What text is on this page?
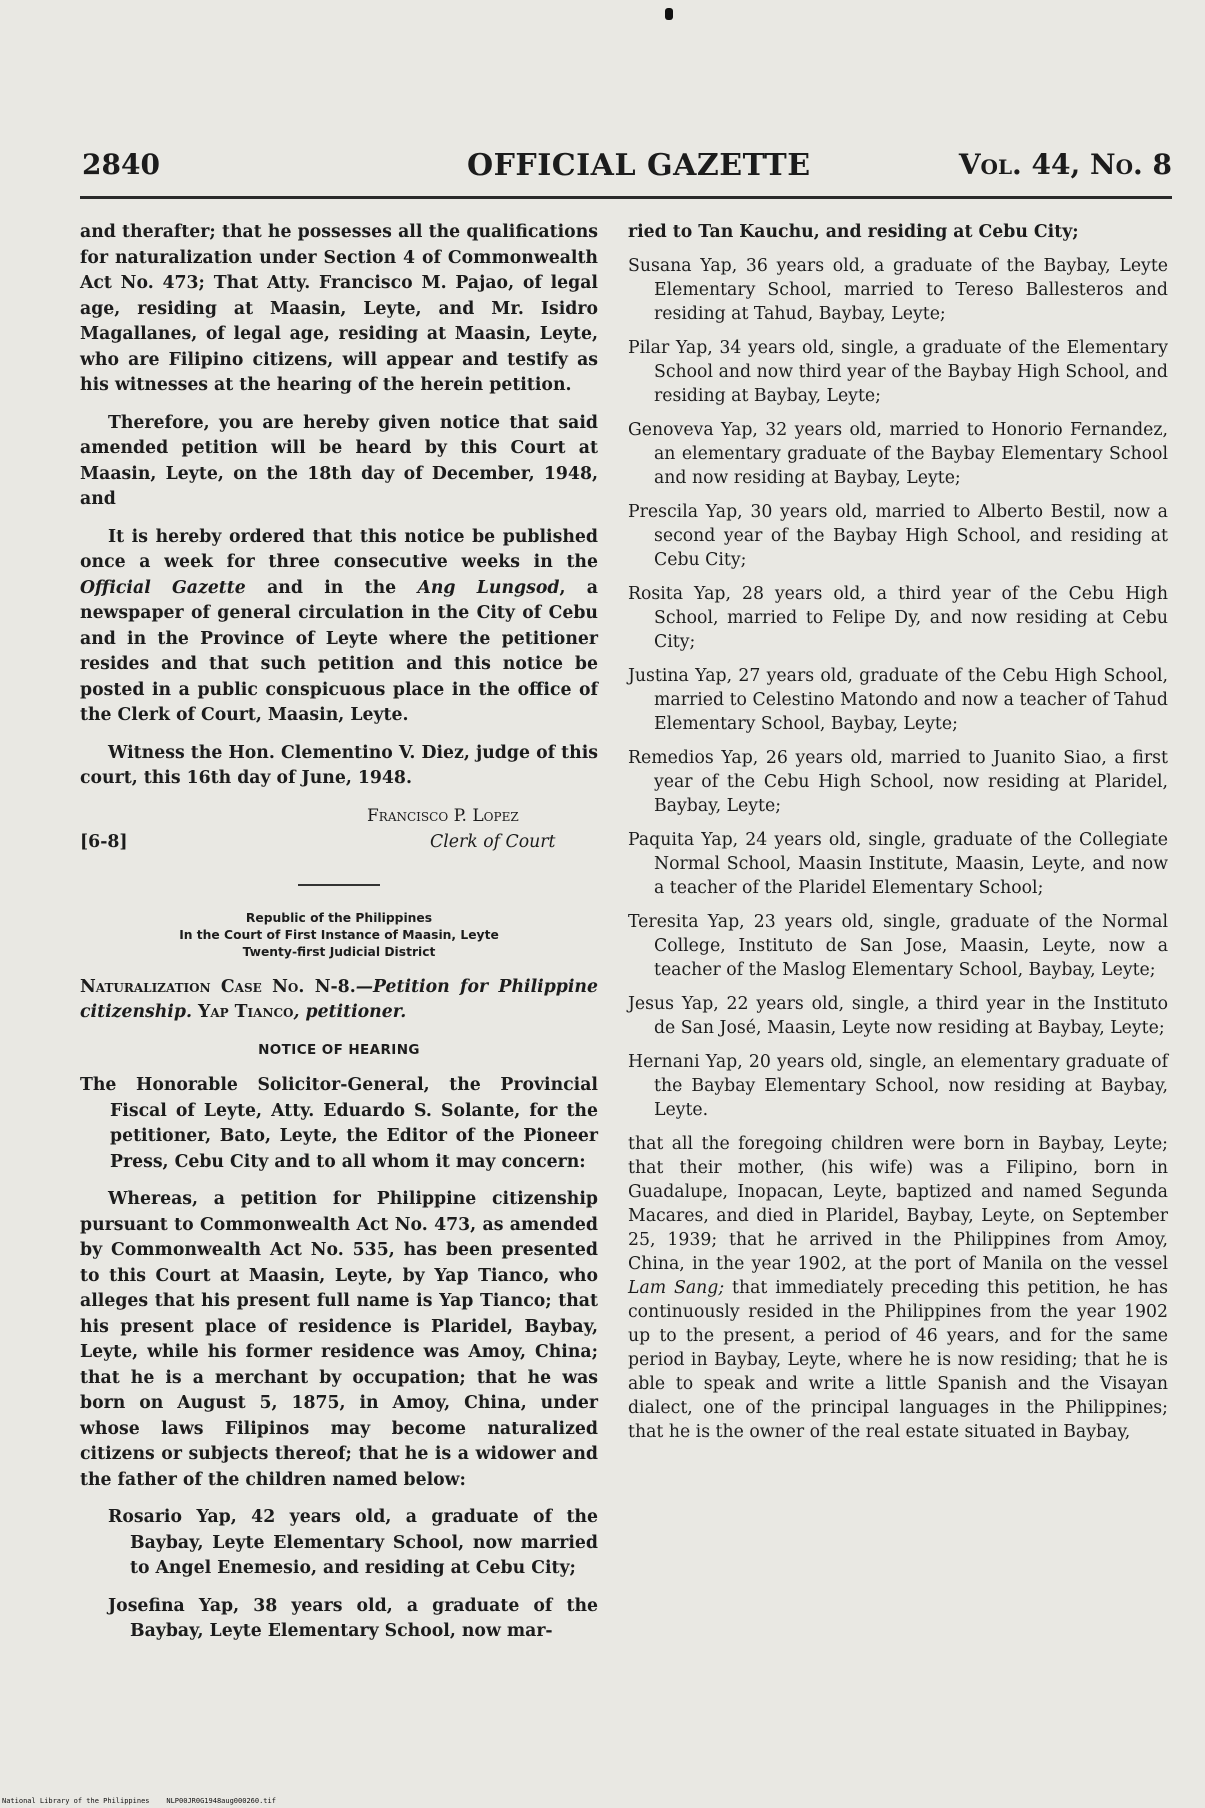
2840	OFFICIAL GAZETTE	Vol. 44, No. 8

and therafter; that he possesses all the qualifications for naturalization under Section 4 of Commonwealth Act No. 473; That Atty. Francisco M. Pajao, of legal age, residing at Maasin, Leyte, and Mr. Isidro Magallanes, of legal age, residing at Maasin, Leyte, who are Filipino citizens, will appear and testify as his witnesses at the hearing of the herein petition.

Therefore, you are hereby given notice that said amended petition will be heard by this Court at Maasin, Leyte, on the 18th day of December, 1948, and

It is hereby ordered that this notice be published once a week for three consecutive weeks in the Official Gazette and in the Ang Lungsod, a newspaper of general circulation in the City of Cebu and in the Province of Leyte where the petitioner resides and that such petition and this notice be posted in a public conspicuous place in the office of the Clerk of Court, Maasin, Leyte.

Witness the Hon. Clementino V. Diez, judge of this court, this 16th day of June, 1948.

Francisco P. Lopez
[6-8]	Clerk of Court
Republic of the Philippines
In the Court of First Instance of Maasin, Leyte
Twenty-first Judicial District

Naturalization Case No. N-8.—Petition for Philippine citizenship. Yap Tianco, petitioner.

NOTICE OF HEARING

The Honorable Solicitor-General, the Provincial Fiscal of Leyte, Atty. Eduardo S. Solante, for the petitioner, Bato, Leyte, the Editor of the Pioneer Press, Cebu City and to all whom it may concern:

Whereas, a petition for Philippine citizenship pursuant to Commonwealth Act No. 473, as amended by Commonwealth Act No. 535, has been presented to this Court at Maasin, Leyte, by Yap Tianco, who alleges that his present full name is Yap Tianco; that his present place of residence is Plaridel, Baybay, Leyte, while his former residence was Amoy, China; that he is a merchant by occupation; that he was born on August 5, 1875, in Amoy, China, under whose laws Filipinos may become naturalized citizens or subjects thereof; that he is a widower and the father of the children named below:

Rosario Yap, 42 years old, a graduate of the Baybay, Leyte Elementary School, now married to Angel Enemesio, and residing at Cebu City;

Josefina Yap, 38 years old, a graduate of the Baybay, Leyte Elementary School, now mar-

ried to Tan Kauchu, and residing at Cebu City;

Susana Yap, 36 years old, a graduate of the Baybay, Leyte Elementary School, married to Tereso Ballesteros and residing at Tahud, Baybay, Leyte;

Pilar Yap, 34 years old, single, a graduate of the Elementary School and now third year of the Baybay High School, and residing at Baybay, Leyte;

Genoveva Yap, 32 years old, married to Honorio Fernandez, an elementary graduate of the Baybay Elementary School and now residing at Baybay, Leyte;

Prescila Yap, 30 years old, married to Alberto Bestil, now a second year of the Baybay High School, and residing at Cebu City;

Rosita Yap, 28 years old, a third year of the Cebu High School, married to Felipe Dy, and now residing at Cebu City;

Justina Yap, 27 years old, graduate of the Cebu High School, married to Celestino Matondo and now a teacher of Tahud Elementary School, Baybay, Leyte;

Remedios Yap, 26 years old, married to Juanito Siao, a first year of the Cebu High School, now residing at Plaridel, Baybay, Leyte;

Paquita Yap, 24 years old, single, graduate of the Collegiate Normal School, Maasin Institute, Maasin, Leyte, and now a teacher of the Plaridel Elementary School;

Teresita Yap, 23 years old, single, graduate of the Normal College, Instituto de San Jose, Maasin, Leyte, now a teacher of the Maslog Elementary School, Baybay, Leyte;

Jesus Yap, 22 years old, single, a third year in the Instituto de San José, Maasin, Leyte now residing at Baybay, Leyte;

Hernani Yap, 20 years old, single, an elementary graduate of the Baybay Elementary School, now residing at Baybay, Leyte.

that all the foregoing children were born in Baybay, Leyte; that their mother, (his wife) was a Filipino, born in Guadalupe, Inopacan, Leyte, baptized and named Segunda Macares, and died in Plaridel, Baybay, Leyte, on September 25, 1939; that he arrived in the Philippines from Amoy, China, in the year 1902, at the port of Manila on the vessel Lam Sang; that immediately preceding this petition, he has continuously resided in the Philippines from the year 1902 up to the present, a period of 46 years, and for the same period in Baybay, Leyte, where he is now residing; that he is able to speak and write a little Spanish and the Visayan dialect, one of the principal languages in the Philippines; that he is the owner of the real estate situated in Baybay,

National Library of the Philippines NLP00JR0G1948aug000260.tif
